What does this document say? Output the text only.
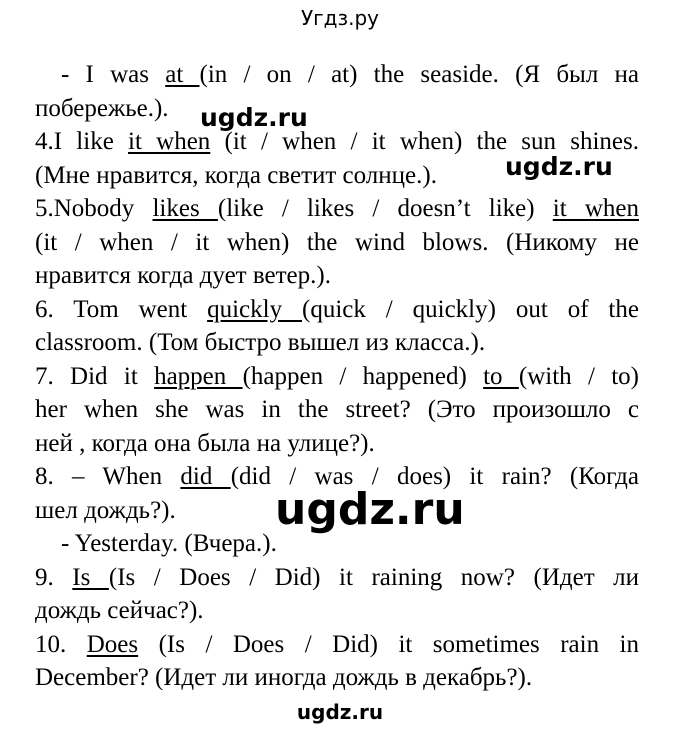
Угдз.ру
- I was at (in / on / at) the seaside. (Я был на
побережье.).
4.I like it when (it / when / it when) the sun shines.
(Мне нравится, когда светит солнце.).
5.Nobody likes (like / likes / doesn’t like) it when
(it / when / it when) the wind blows. (Никому не
нравится когда дует ветер.).
6. Tom went quickly (quick / quickly) out of the
classroom. (Том быстро вышел из класса.).
7. Did it happen (happen / happened) to (with / to)
her when she was in the street? (Это произошло с
ней , когда она была на улице?).
8. – When did (did / was / does) it rain? (Когда
шел дождь?).
- Yesterday. (Вчера.).
9. Is (Is / Does / Did) it raining now? (Идет ли
дождь сейчас?).
10. Does (Is / Does / Did) it sometimes rain in
December? (Идет ли иногда дождь в декабрь?).
ugdz.ru
ugdz.ru
ugdz.ru
ugdz.ru
